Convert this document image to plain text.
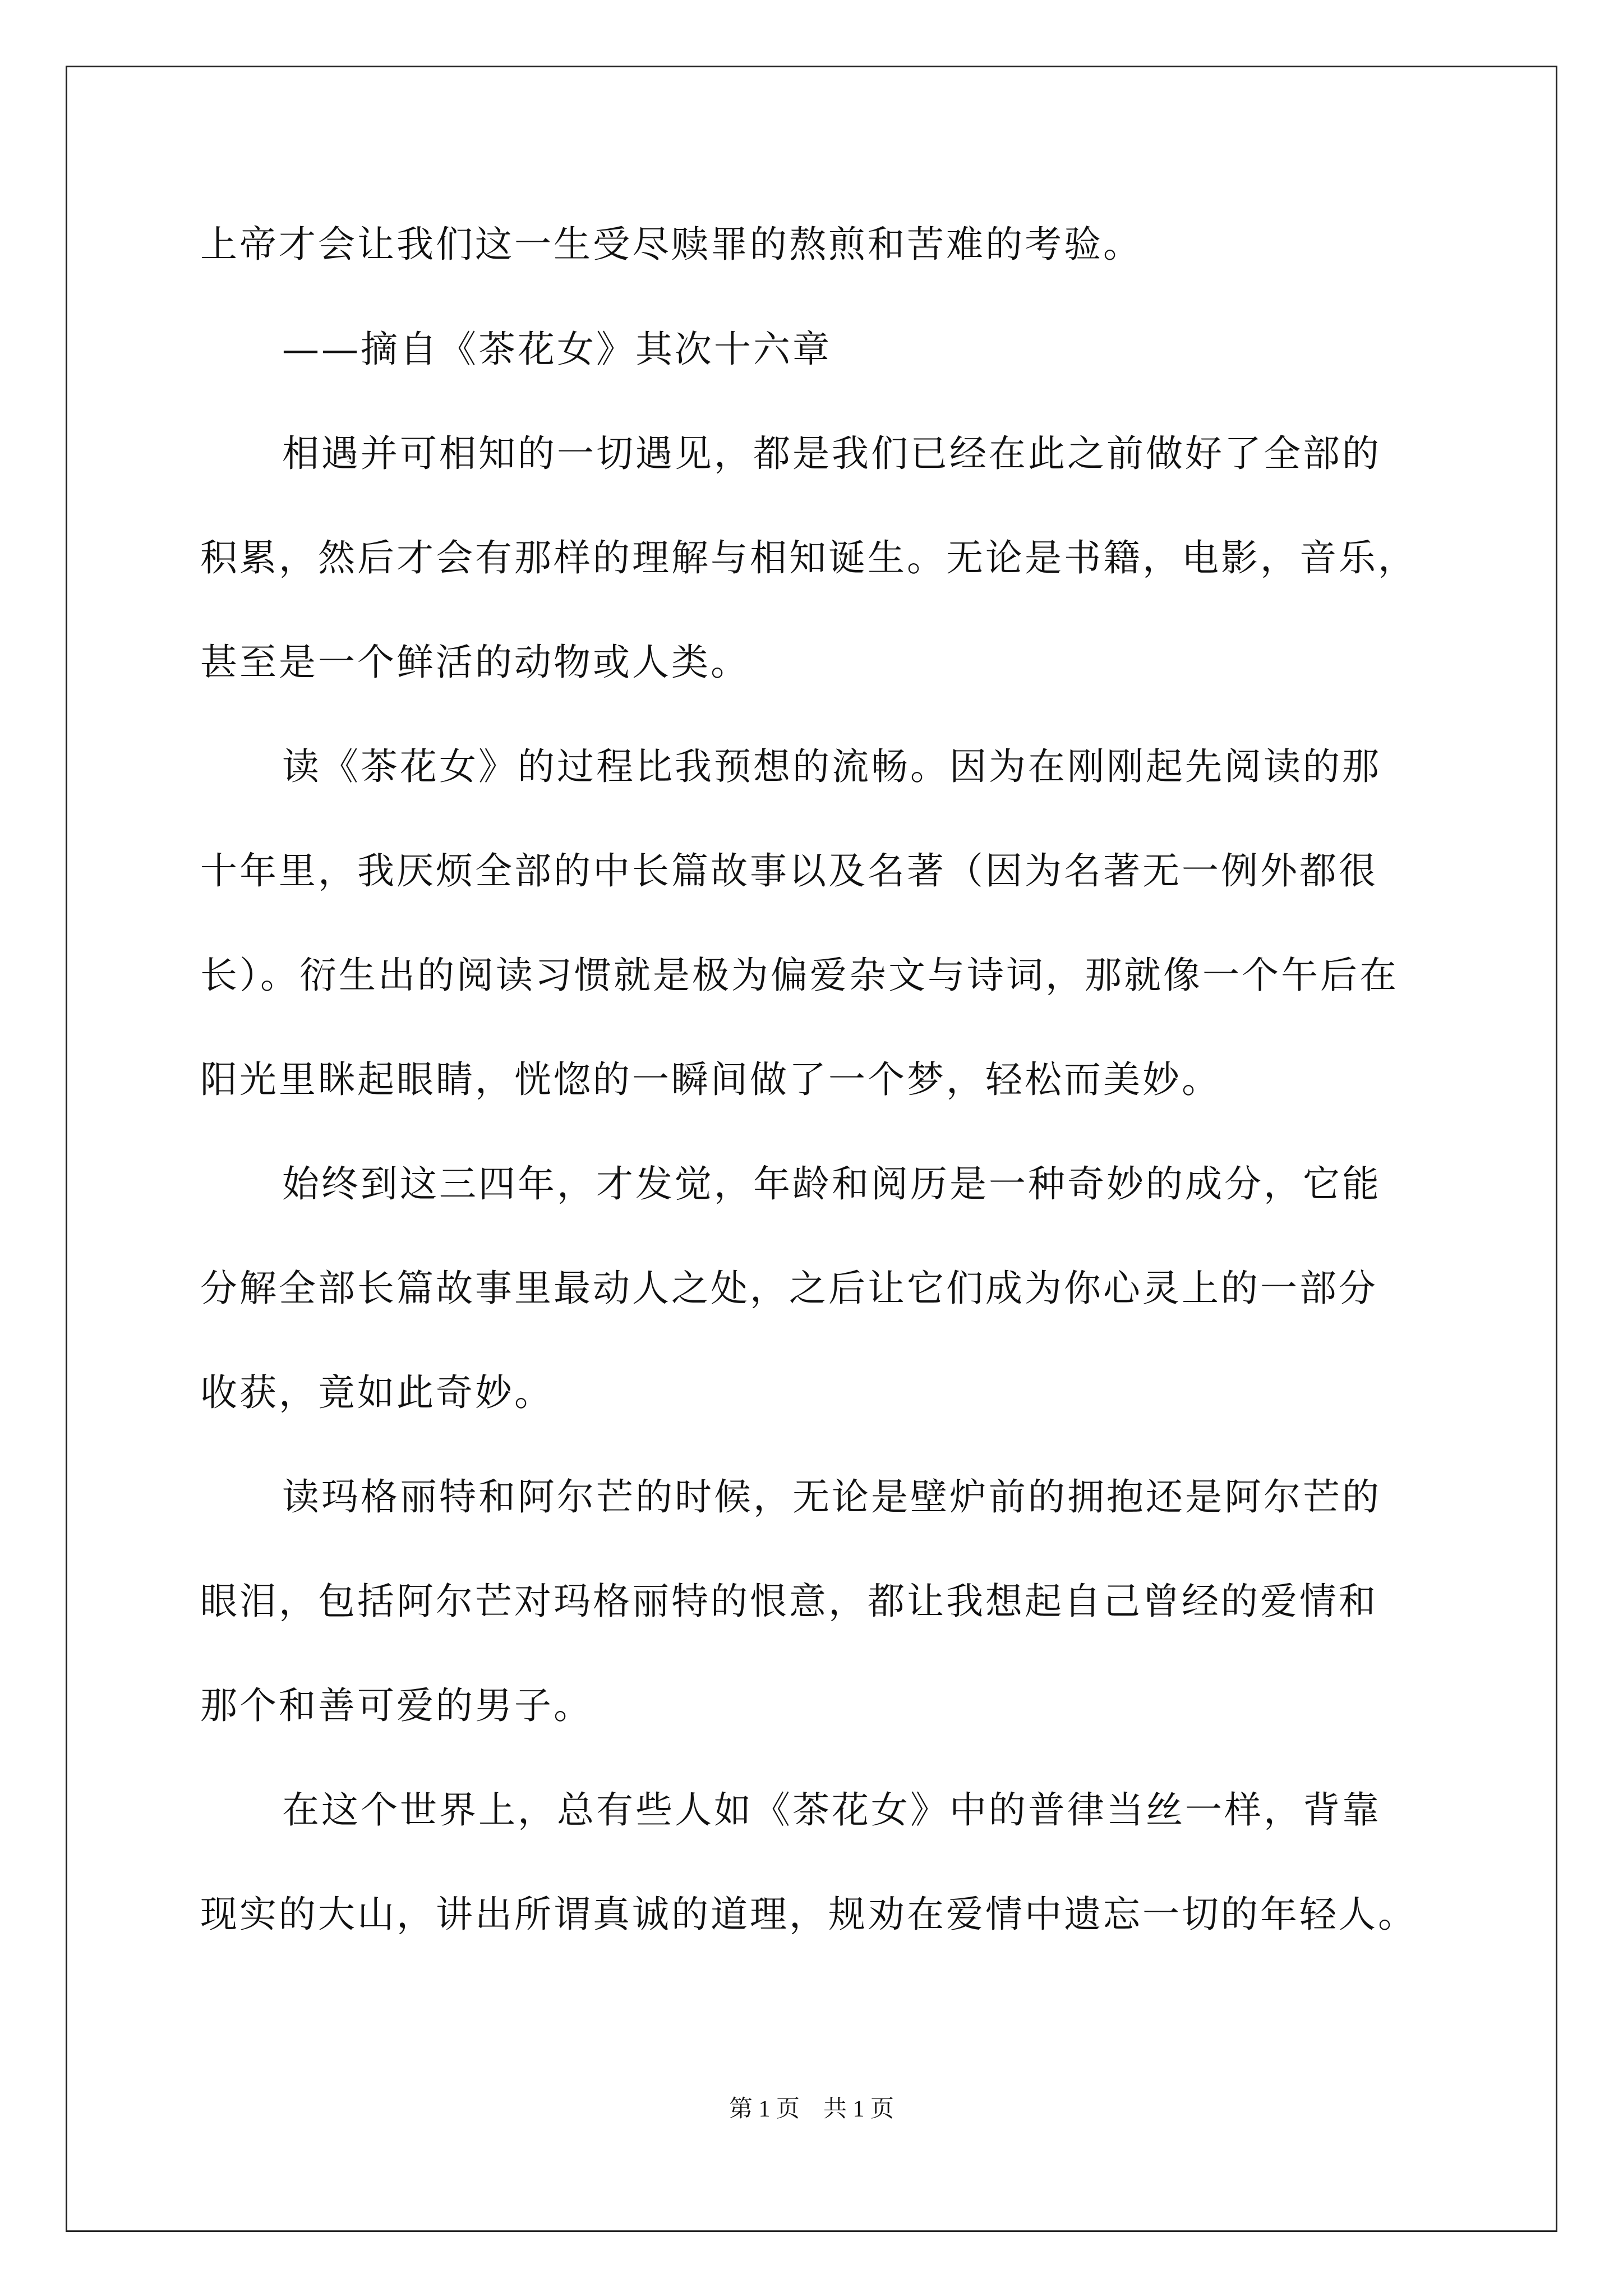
上帝才会让我们这一生受尽赎罪的熬煎和苦难的考验。
——摘自《茶花女》其次十六章
相遇并可相知的一切遇见，都是我们已经在此之前做好了全部的
积累，然后才会有那样的理解与相知诞生。无论是书籍，电影，音乐，
甚至是一个鲜活的动物或人类。
读《茶花女》的过程比我预想的流畅。因为在刚刚起先阅读的那
十年里，我厌烦全部的中长篇故事以及名著（因为名著无一例外都很
长）。衍生出的阅读习惯就是极为偏爱杂文与诗词，那就像一个午后在
阳光里眯起眼睛，恍惚的一瞬间做了一个梦，轻松而美妙。
始终到这三四年，才发觉，年龄和阅历是一种奇妙的成分，它能
分解全部长篇故事里最动人之处，之后让它们成为你心灵上的一部分
收获，竟如此奇妙。
读玛格丽特和阿尔芒的时候，无论是壁炉前的拥抱还是阿尔芒的
眼泪，包括阿尔芒对玛格丽特的恨意，都让我想起自己曾经的爱情和
那个和善可爱的男子。
在这个世界上，总有些人如《茶花女》中的普律当丝一样，背靠
现实的大山，讲出所谓真诚的道理，规劝在爱情中遗忘一切的年轻人。
第 1 页　共 1 页
